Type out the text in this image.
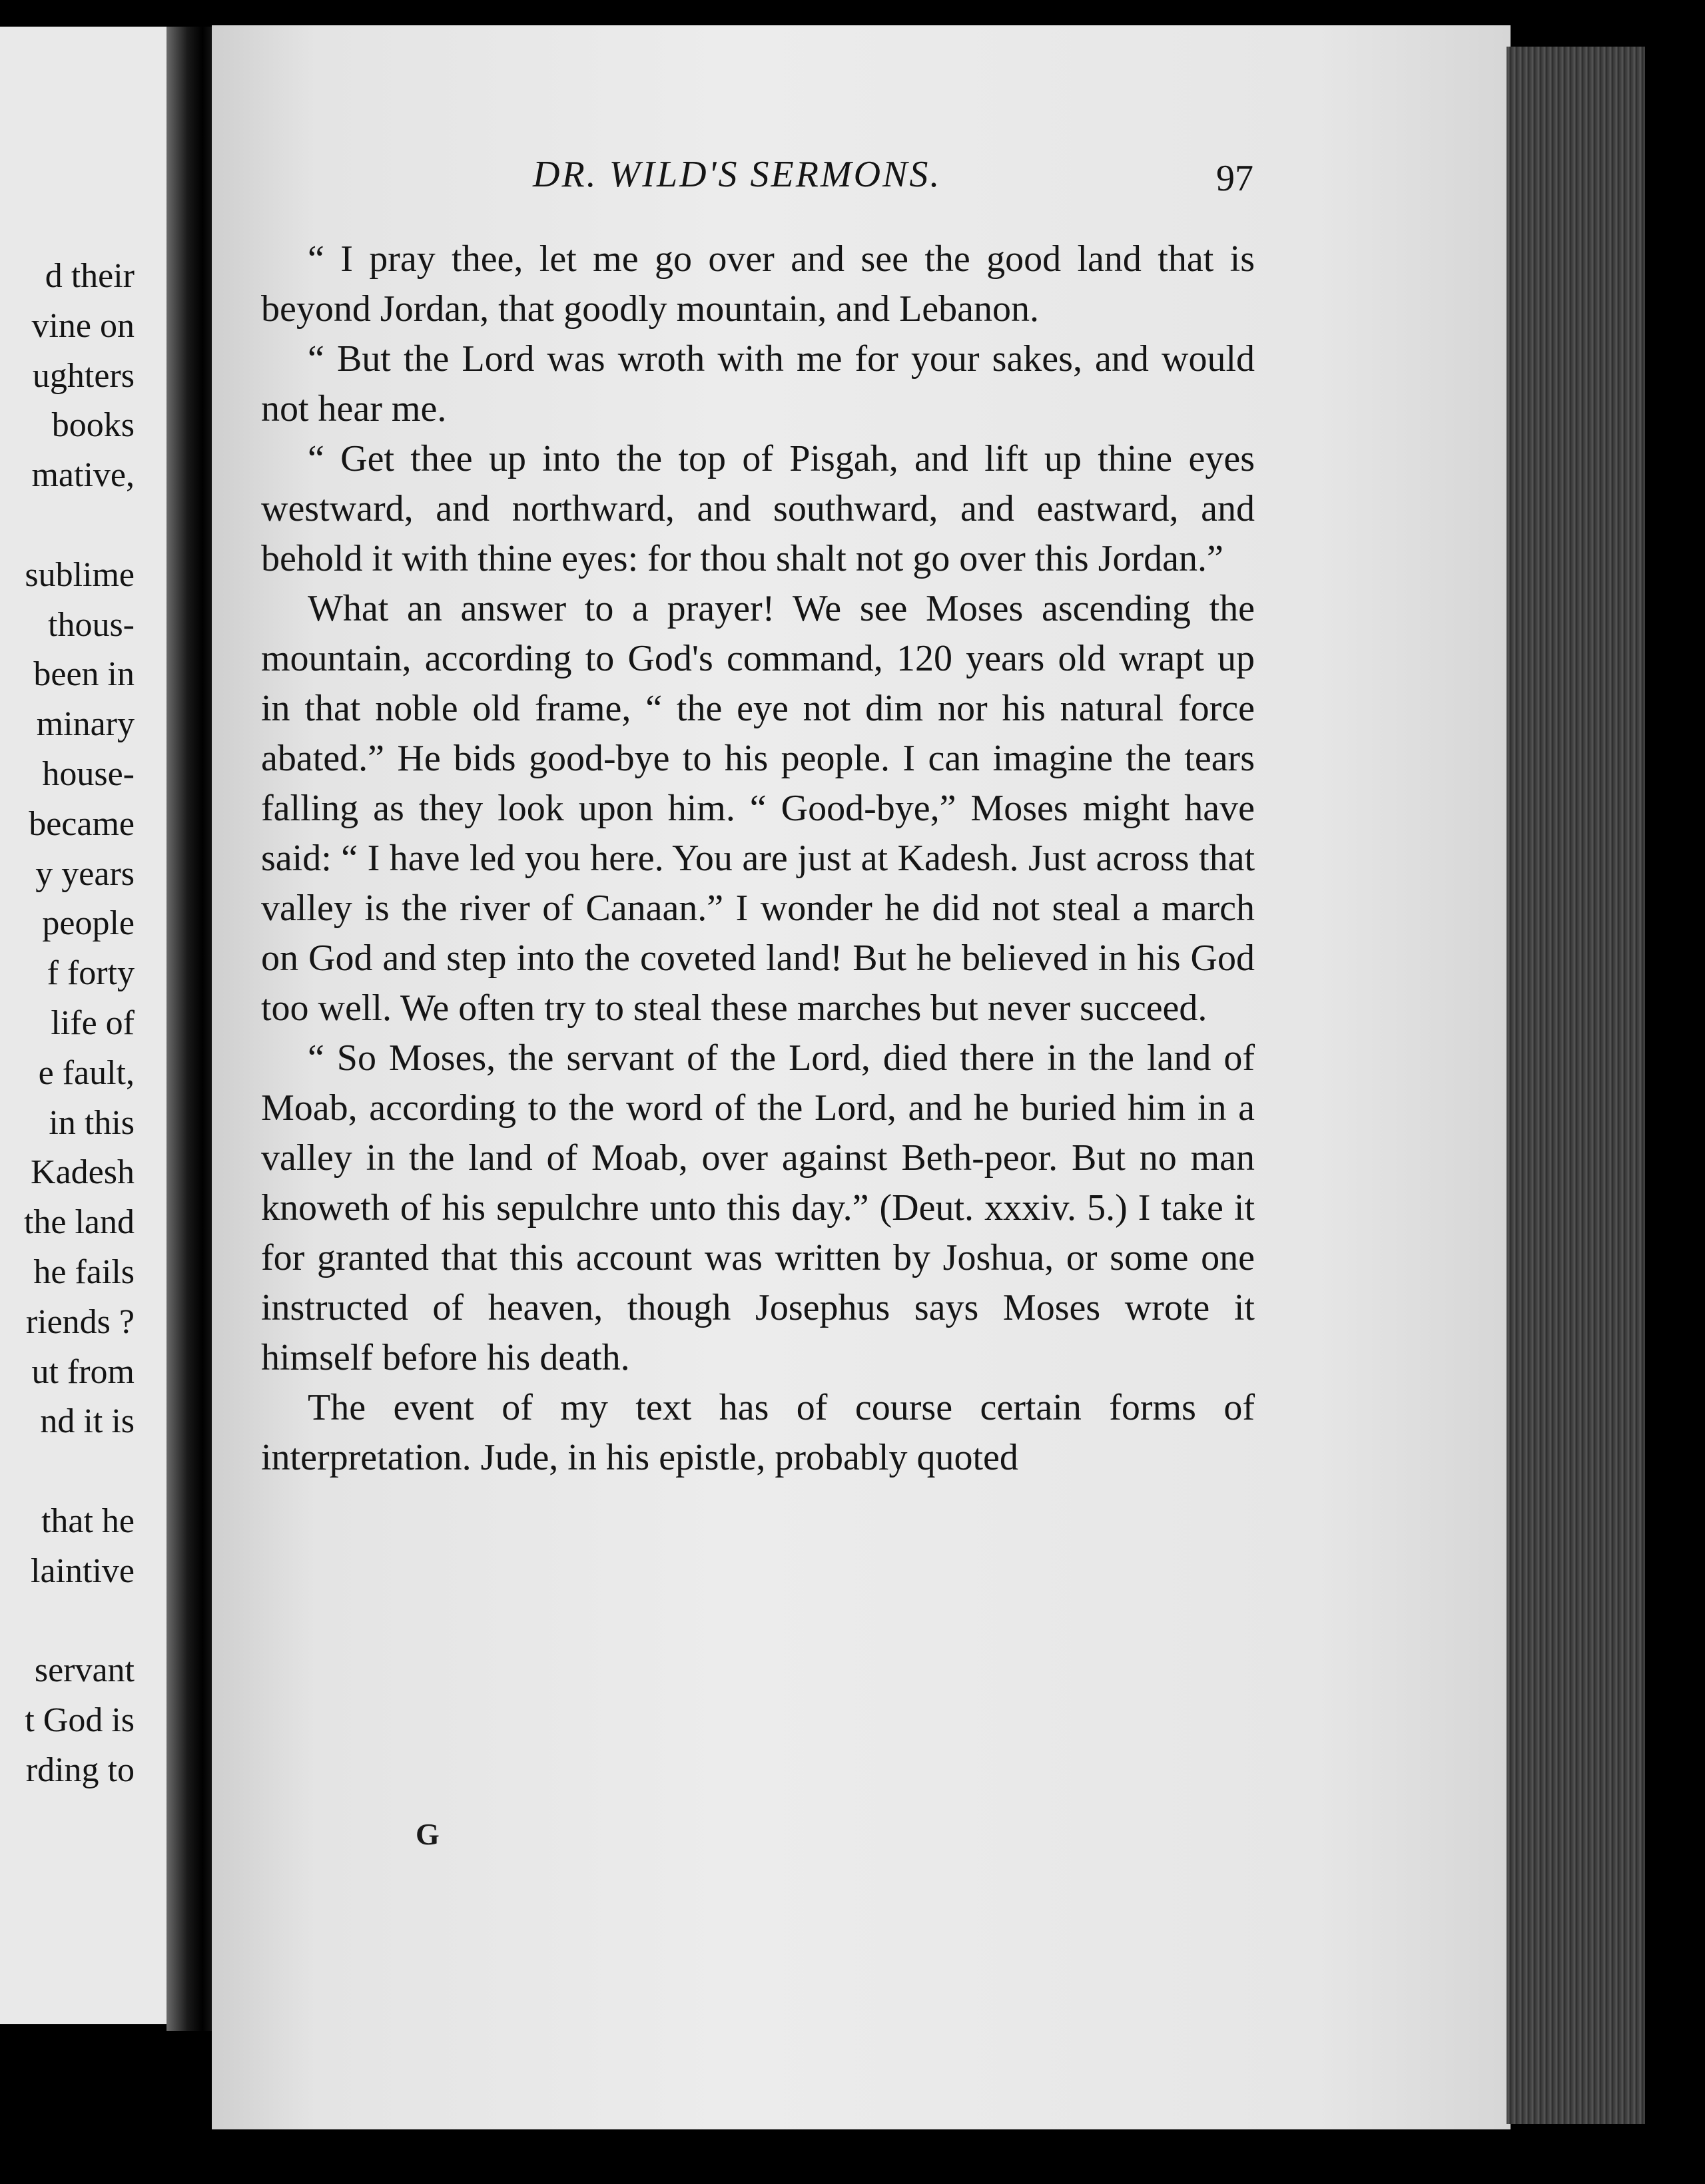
d their
vine on
ughters
books
mative,
sublime
thous-
been in
minary
house-
became
y years
people
f forty
life of
e fault,
in this
Kadesh
the land
he fails
riends ?
ut from
nd it is
that he
laintive
servant
t God is
rding to
DR. WILD'S SERMONS.	97

“ I pray thee, let me go over and see the good land that is beyond Jordan, that goodly mountain, and Lebanon.

“ But the Lord was wroth with me for your sakes, and would not hear me.

“ Get thee up into the top of Pisgah, and lift up thine eyes westward, and northward, and southward, and eastward, and behold it with thine eyes: for thou shalt not go over this Jordan.”

What an answer to a prayer! We see Moses ascending the mountain, according to God's command, 120 years old wrapt up in that noble old frame, “ the eye not dim nor his natural force abated.” He bids good-bye to his people. I can imagine the tears falling as they look upon him. “ Good-bye,” Moses might have said: “ I have led you here. You are just at Kadesh. Just across that valley is the river of Canaan.” I wonder he did not steal a march on God and step into the coveted land! But he believed in his God too well. We often try to steal these marches but never succeed.

“ So Moses, the servant of the Lord, died there in the land of Moab, according to the word of the Lord, and he buried him in a valley in the land of Moab, over against Beth-peor. But no man knoweth of his sepulchre unto this day.” (Deut. xxxiv. 5.) I take it for granted that this account was written by Joshua, or some one instructed of heaven, though Josephus says Moses wrote it himself before his death.

The event of my text has of course certain forms of interpretation. Jude, in his epistle, probably quoted

G
